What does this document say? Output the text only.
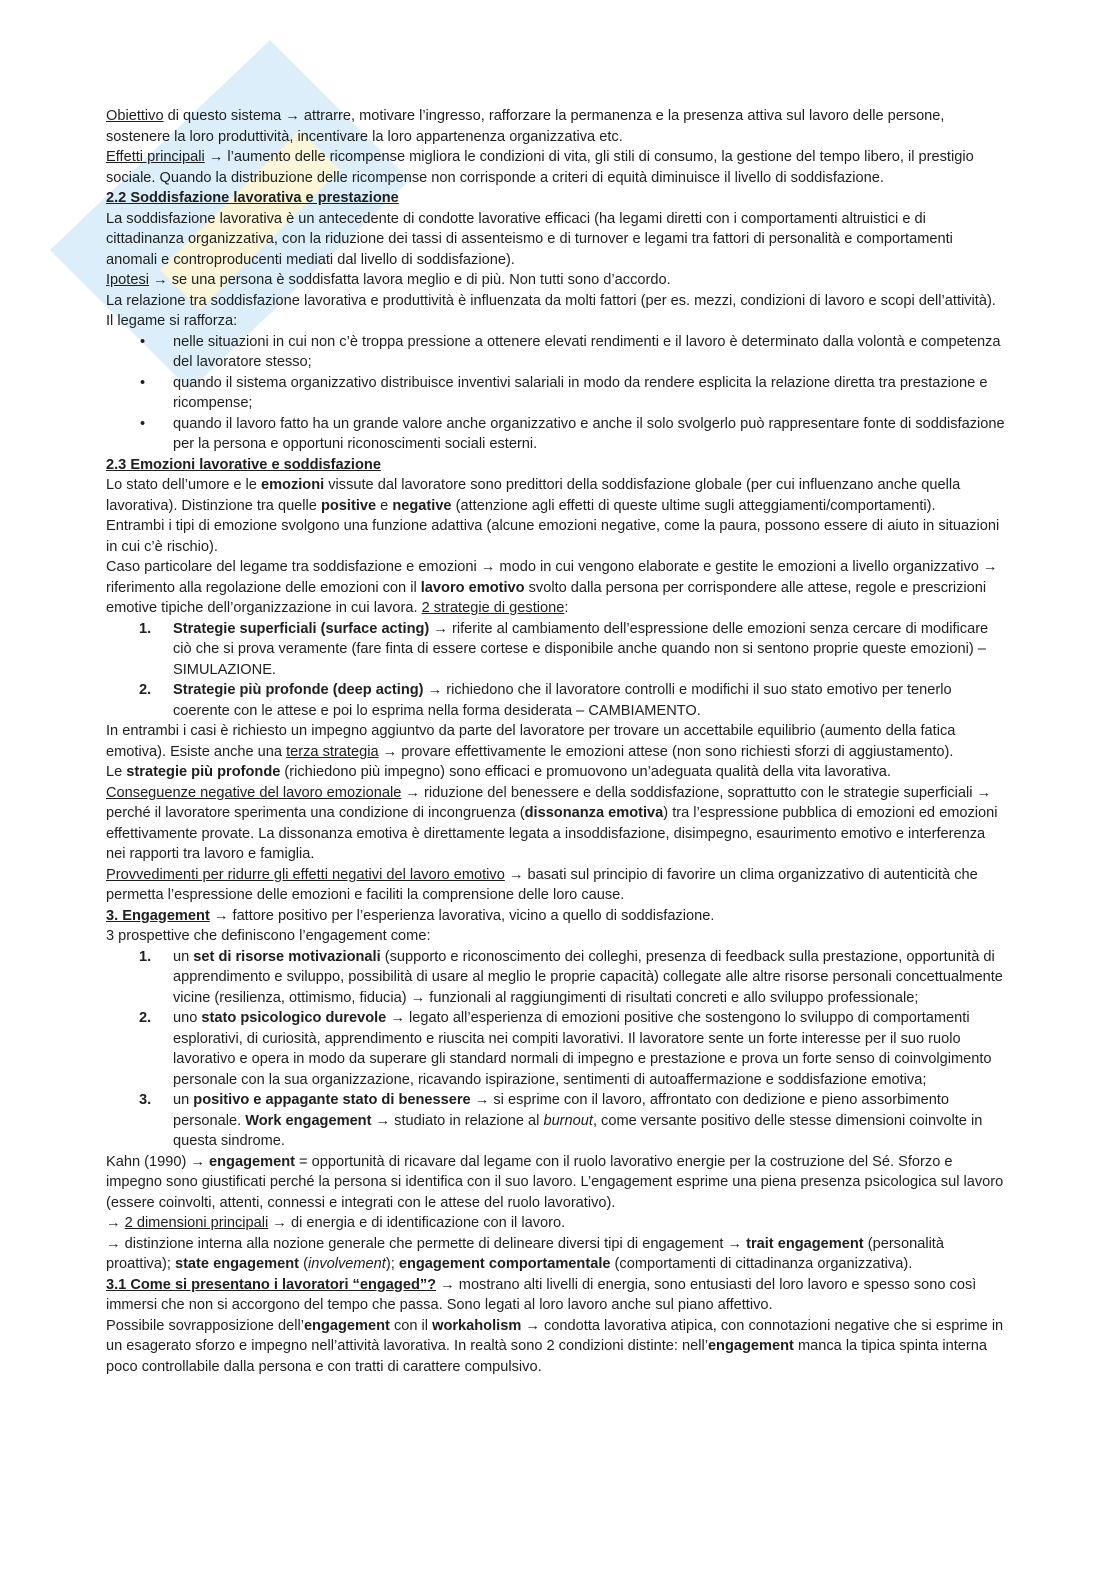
Obiettivo di questo sistema → attrarre, motivare l’ingresso, rafforzare la permanenza e la presenza attiva sul lavoro delle persone, sostenere la loro produttività, incentivare la loro appartenenza organizzativa etc.

Effetti principali → l’aumento delle ricompense migliora le condizioni di vita, gli stili di consumo, la gestione del tempo libero, il prestigio sociale. Quando la distribuzione delle ricompense non corrisponde a criteri di equità diminuisce il livello di soddisfazione.

2.2 Soddisfazione lavorativa e prestazione

La soddisfazione lavorativa è un antecedente di condotte lavorative efficaci (ha legami diretti con i comportamenti altruistici e di cittadinanza organizzativa, con la riduzione dei tassi di assenteismo e di turnover e legami tra fattori di personalità e comportamenti anomali e controproducenti mediati dal livello di soddisfazione).

Ipotesi → se una persona è soddisfatta lavora meglio e di più. Non tutti sono d’accordo.

La relazione tra soddisfazione lavorativa e produttività è influenzata da molti fattori (per es. mezzi, condizioni di lavoro e scopi dell’attività). Il legame si rafforza:

• nelle situazioni in cui non c’è troppa pressione a ottenere elevati rendimenti e il lavoro è determinato dalla volontà e competenza del lavoratore stesso;
• quando il sistema organizzativo distribuisce inventivi salariali in modo da rendere esplicita la relazione diretta tra prestazione e ricompense;
• quando il lavoro fatto ha un grande valore anche organizzativo e anche il solo svolgerlo può rappresentare fonte di soddisfazione per la persona e opportuni riconoscimenti sociali esterni.

2.3 Emozioni lavorative e soddisfazione

Lo stato dell’umore e le emozioni vissute dal lavoratore sono predittori della soddisfazione globale (per cui influenzano anche quella lavorativa). Distinzione tra quelle positive e negative (attenzione agli effetti di queste ultime sugli atteggiamenti/comportamenti).

Entrambi i tipi di emozione svolgono una funzione adattiva (alcune emozioni negative, come la paura, possono essere di aiuto in situazioni in cui c’è rischio).

Caso particolare del legame tra soddisfazione e emozioni → modo in cui vengono elaborate e gestite le emozioni a livello organizzativo → riferimento alla regolazione delle emozioni con il lavoro emotivo svolto dalla persona per corrispondere alle attese, regole e prescrizioni emotive tipiche dell’organizzazione in cui lavora. 2 strategie di gestione:

1. Strategie superficiali (surface acting) → riferite al cambiamento dell’espressione delle emozioni senza cercare di modificare ciò che si prova veramente (fare finta di essere cortese e disponibile anche quando non si sentono proprie queste emozioni) – SIMULAZIONE.
2. Strategie più profonde (deep acting) → richiedono che il lavoratore controlli e modifichi il suo stato emotivo per tenerlo coerente con le attese e poi lo esprima nella forma desiderata – CAMBIAMENTO.

In entrambi i casi è richiesto un impegno aggiuntvo da parte del lavoratore per trovare un accettabile equilibrio (aumento della fatica emotiva). Esiste anche una terza strategia → provare effettivamente le emozioni attese (non sono richiesti sforzi di aggiustamento).

Le strategie più profonde (richiedono più impegno) sono efficaci e promuovono un’adeguata qualità della vita lavorativa.

Conseguenze negative del lavoro emozionale → riduzione del benessere e della soddisfazione, soprattutto con le strategie superficiali → perché il lavoratore sperimenta una condizione di incongruenza (dissonanza emotiva) tra l’espressione pubblica di emozioni ed emozioni effettivamente provate. La dissonanza emotiva è direttamente legata a insoddisfazione, disimpegno, esaurimento emotivo e interferenza nei rapporti tra lavoro e famiglia.

Provvedimenti per ridurre gli effetti negativi del lavoro emotivo → basati sul principio di favorire un clima organizzativo di autenticità che permetta l’espressione delle emozioni e faciliti la comprensione delle loro cause.

3. Engagement → fattore positivo per l’esperienza lavorativa, vicino a quello di soddisfazione.

3 prospettive che definiscono l’engagement come:

1. un set di risorse motivazionali (supporto e riconoscimento dei colleghi, presenza di feedback sulla prestazione, opportunità di apprendimento e sviluppo, possibilità di usare al meglio le proprie capacità) collegate alle altre risorse personali concettualmente vicine (resilienza, ottimismo, fiducia) → funzionali al raggiungimenti di risultati concreti e allo sviluppo professionale;
2. uno stato psicologico durevole → legato all’esperienza di emozioni positive che sostengono lo sviluppo di comportamenti esplorativi, di curiosità, apprendimento e riuscita nei compiti lavorativi. Il lavoratore sente un forte interesse per il suo ruolo lavorativo e opera in modo da superare gli standard normali di impegno e prestazione e prova un forte senso di coinvolgimento personale con la sua organizzazione, ricavando ispirazione, sentimenti di autoaffermazione e soddisfazione emotiva;
3. un positivo e appagante stato di benessere → si esprime con il lavoro, affrontato con dedizione e pieno assorbimento personale. Work engagement → studiato in relazione al burnout, come versante positivo delle stesse dimensioni coinvolte in questa sindrome.

Kahn (1990) → engagement = opportunità di ricavare dal legame con il ruolo lavorativo energie per la costruzione del Sé. Sforzo e impegno sono giustificati perché la persona si identifica con il suo lavoro. L’engagement esprime una piena presenza psicologica sul lavoro (essere coinvolti, attenti, connessi e integrati con le attese del ruolo lavorativo).

→ 2 dimensioni principali → di energia e di identificazione con il lavoro.

→ distinzione interna alla nozione generale che permette di delineare diversi tipi di engagement → trait engagement (personalità proattiva); state engagement (involvement); engagement comportamentale (comportamenti di cittadinanza organizzativa).

3.1 Come si presentano i lavoratori “engaged”? → mostrano alti livelli di energia, sono entusiasti del loro lavoro e spesso sono così immersi che non si accorgono del tempo che passa. Sono legati al loro lavoro anche sul piano affettivo.

Possibile sovrapposizione dell’engagement con il workaholism → condotta lavorativa atipica, con connotazioni negative che si esprime in un esagerato sforzo e impegno nell’attività lavorativa. In realtà sono 2 condizioni distinte: nell’engagement manca la tipica spinta interna poco controllabile dalla persona e con tratti di carattere compulsivo.
